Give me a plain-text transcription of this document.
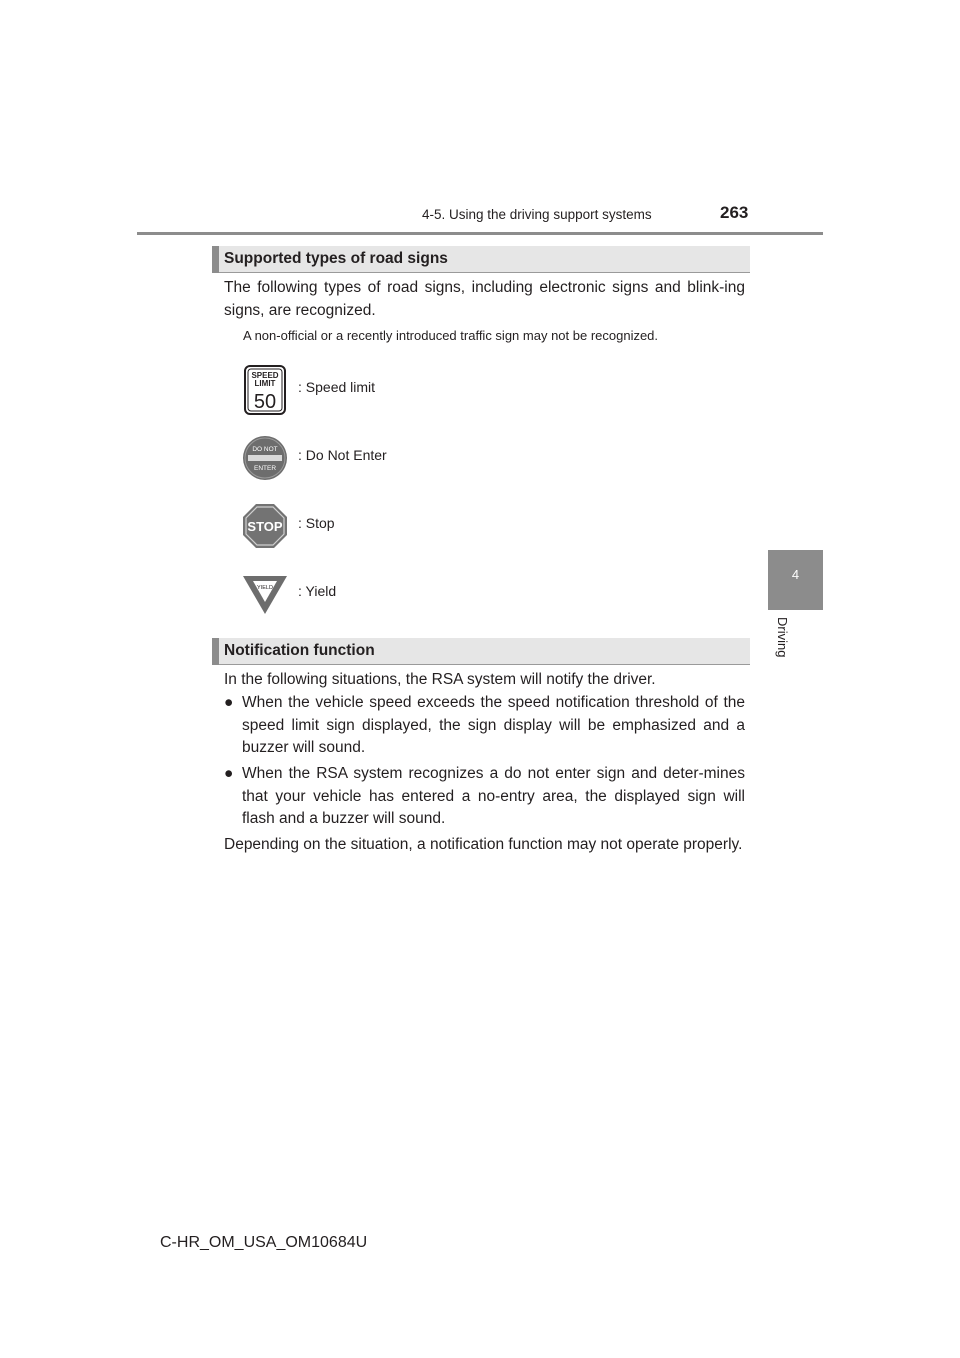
4-5. Using the driving support systems	263
4
Driving
Supported types of road signs
The following types of road signs, including electronic signs and blink-ing signs, are recognized.
A non-official or a recently introduced traffic sign may not be recognized.
SPEED
LIMIT
50
: Speed limit
DO NOT
ENTER
: Do Not Enter
STOP : Stop
YIELD : Yield
Notification function
In the following situations, the RSA system will notify the driver.
● When the vehicle speed exceeds the speed notification threshold of the speed limit sign displayed, the sign display will be emphasized and a buzzer will sound.
● When the RSA system recognizes a do not enter sign and deter-mines that your vehicle has entered a no-entry area, the displayed sign will flash and a buzzer will sound.
Depending on the situation, a notification function may not operate properly.
C-HR_OM_USA_OM10684U
